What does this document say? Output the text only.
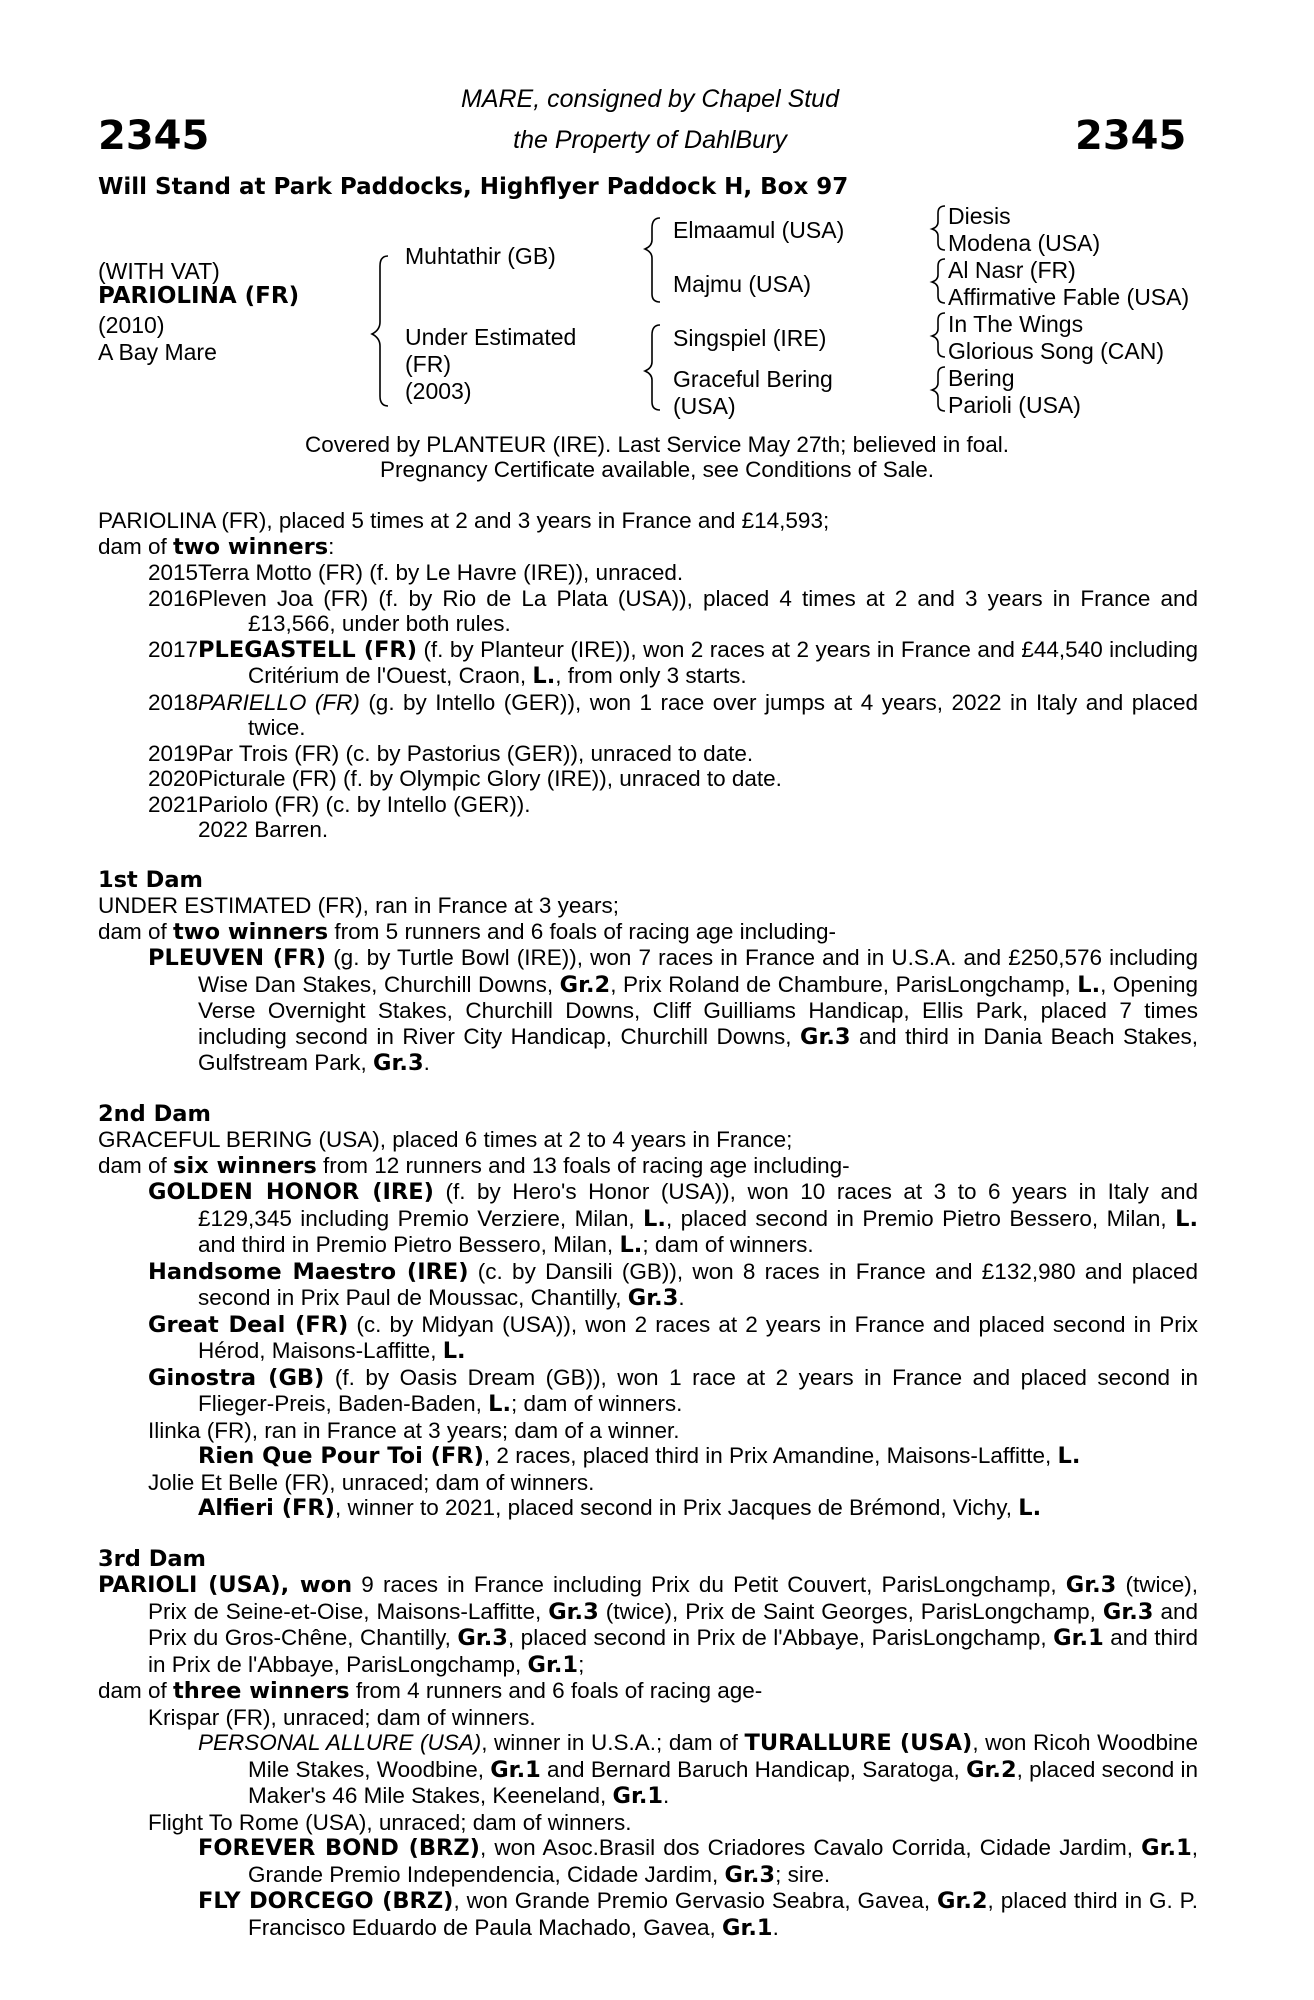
2345	2345
MARE, consigned by Chapel Stud
the Property of DahlBury
Will Stand at Park Paddocks, Highflyer Paddock H, Box 97
(WITH VAT)
PARIOLINA (FR)
(2010)
A Bay Mare
Muhtathir (GB)
Under Estimated
(FR)
(2003)
Elmaamul (USA)
Majmu (USA)
Singspiel (IRE)
Graceful Bering
(USA)
Diesis
Modena (USA)
Al Nasr (FR)
Affirmative Fable (USA)
In The Wings
Glorious Song (CAN)
Bering
Parioli (USA)
Covered by PLANTEUR (IRE). Last Service May 27th; believed in foal.
Pregnancy Certificate available, see Conditions of Sale.

PARIOLINA (FR), placed 5 times at 2 and 3 years in France and £14,593;

dam of two winners:

2015 Terra Motto (FR) (f. by Le Havre (IRE)), unraced.
2016 Pleven Joa (FR) (f. by Rio de La Plata (USA)), placed 4 times at 2 and 3 years in France and £13,566, under both rules.
2017 PLEGASTELL (FR) (f. by Planteur (IRE)), won 2 races at 2 years in France and £44,540 including Critérium de l'Ouest, Craon, L., from only 3 starts.
2018 PARIELLO (FR) (g. by Intello (GER)), won 1 race over jumps at 4 years, 2022 in Italy and placed twice.
2019 Par Trois (FR) (c. by Pastorius (GER)), unraced to date.
2020 Picturale (FR) (f. by Olympic Glory (IRE)), unraced to date.
2021 Pariolo (FR) (c. by Intello (GER)).
2022 Barren.

1st Dam

UNDER ESTIMATED (FR), ran in France at 3 years;

dam of two winners from 5 runners and 6 foals of racing age including-

PLEUVEN (FR) (g. by Turtle Bowl (IRE)), won 7 races in France and in U.S.A. and £250,576 including Wise Dan Stakes, Churchill Downs, Gr.2, Prix Roland de Chambure, ParisLongchamp, L., Opening Verse Overnight Stakes, Churchill Downs, Cliff Guilliams Handicap, Ellis Park, placed 7 times including second in River City Handicap, Churchill Downs, Gr.3 and third in Dania Beach Stakes, Gulfstream Park, Gr.3.

2nd Dam

GRACEFUL BERING (USA), placed 6 times at 2 to 4 years in France;

dam of six winners from 12 runners and 13 foals of racing age including-

GOLDEN HONOR (IRE) (f. by Hero's Honor (USA)), won 10 races at 3 to 6 years in Italy and £129,345 including Premio Verziere, Milan, L., placed second in Premio Pietro Bessero, Milan, L. and third in Premio Pietro Bessero, Milan, L.; dam of winners.

Handsome Maestro (IRE) (c. by Dansili (GB)), won 8 races in France and £132,980 and placed second in Prix Paul de Moussac, Chantilly, Gr.3.

Great Deal (FR) (c. by Midyan (USA)), won 2 races at 2 years in France and placed second in Prix Hérod, Maisons-Laffitte, L.

Ginostra (GB) (f. by Oasis Dream (GB)), won 1 race at 2 years in France and placed second in Flieger-Preis, Baden-Baden, L.; dam of winners.

Ilinka (FR), ran in France at 3 years; dam of a winner.

Rien Que Pour Toi (FR), 2 races, placed third in Prix Amandine, Maisons-Laffitte, L.

Jolie Et Belle (FR), unraced; dam of winners.

Alfieri (FR), winner to 2021, placed second in Prix Jacques de Brémond, Vichy, L.

3rd Dam

PARIOLI (USA), won 9 races in France including Prix du Petit Couvert, ParisLongchamp, Gr.3 (twice), Prix de Seine-et-Oise, Maisons-Laffitte, Gr.3 (twice), Prix de Saint Georges, ParisLongchamp, Gr.3 and Prix du Gros-Chêne, Chantilly, Gr.3, placed second in Prix de l'Abbaye, ParisLongchamp, Gr.1 and third in Prix de l'Abbaye, ParisLongchamp, Gr.1;

dam of three winners from 4 runners and 6 foals of racing age-

Krispar (FR), unraced; dam of winners.

PERSONAL ALLURE (USA), winner in U.S.A.; dam of TURALLURE (USA), won Ricoh Woodbine Mile Stakes, Woodbine, Gr.1 and Bernard Baruch Handicap, Saratoga, Gr.2, placed second in Maker's 46 Mile Stakes, Keeneland, Gr.1.

Flight To Rome (USA), unraced; dam of winners.

FOREVER BOND (BRZ), won Asoc.Brasil dos Criadores Cavalo Corrida, Cidade Jardim, Gr.1, Grande Premio Independencia, Cidade Jardim, Gr.3; sire.

FLY DORCEGO (BRZ), won Grande Premio Gervasio Seabra, Gavea, Gr.2, placed third in G. P. Francisco Eduardo de Paula Machado, Gavea, Gr.1.
